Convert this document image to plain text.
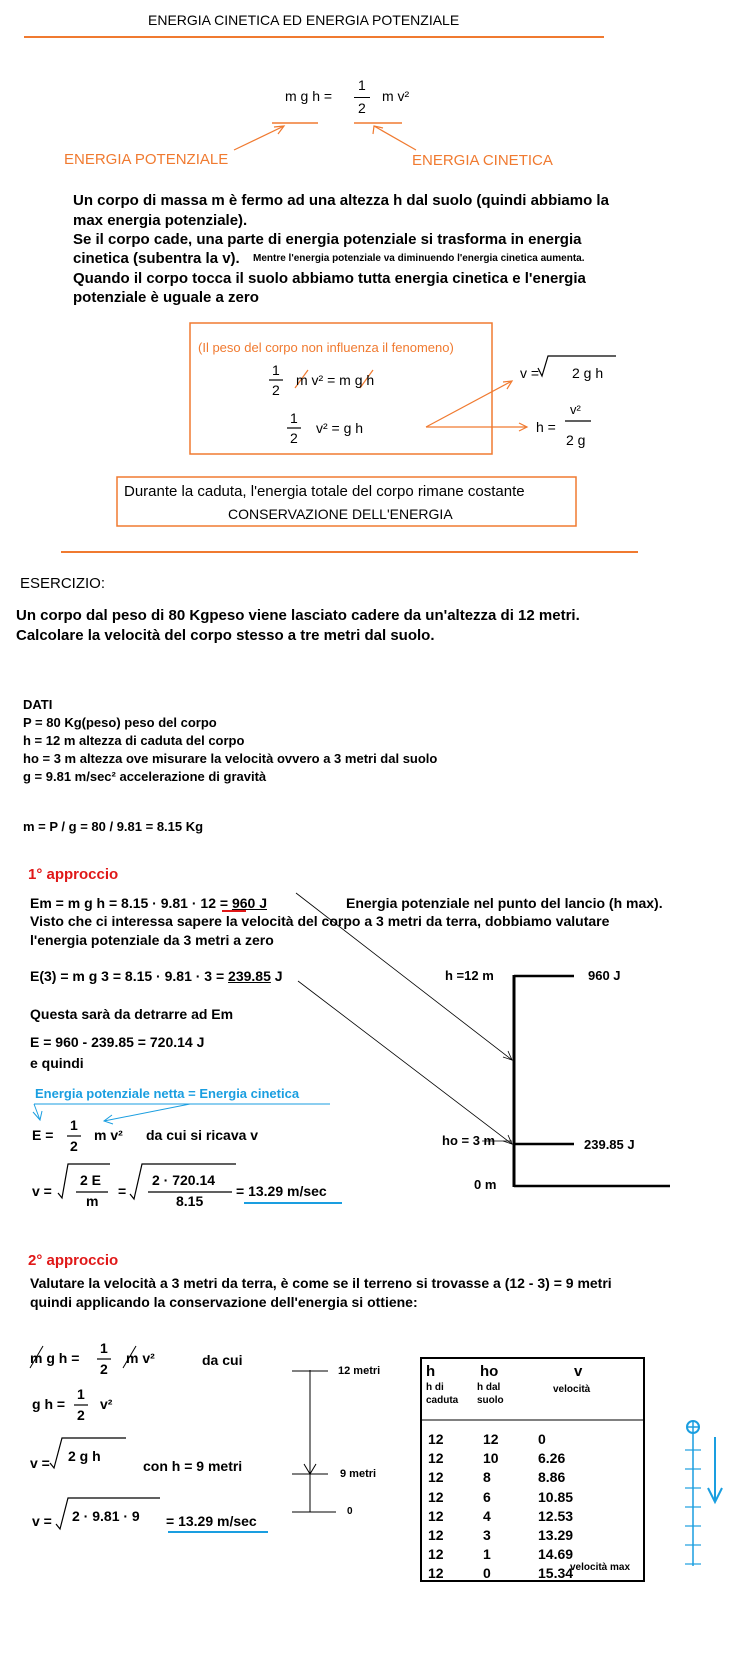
ENERGIA CINETICA ED ENERGIA POTENZIALE
m g h =
1
2
m v²
ENERGIA POTENZIALE	ENERGIA CINETICA
Un corpo di massa m è fermo ad una altezza h dal suolo (quindi abbiamo la
max energia potenziale).
Se il corpo cade, una parte di energia potenziale si trasforma in energia
cinetica (subentra la v). Mentre l'energia potenziale va diminuendo l'energia cinetica aumenta.
Quando il corpo tocca il suolo abbiamo tutta energia cinetica e l'energia
potenziale è uguale a zero
(Il peso del corpo non influenza il fenomeno)
1
2
m v² = m g h
1
2
v² = g h
v = 2 g h
h =
v²
2 g
Durante la caduta, l'energia totale del corpo rimane costante
CONSERVAZIONE DELL'ENERGIA
ESERCIZIO:
Un corpo dal peso di 80 Kgpeso viene lasciato cadere da un'altezza di 12 metri.
Calcolare la velocità del corpo stesso a tre metri dal suolo.
DATI
P = 80 Kg(peso) peso del corpo
h = 12 m altezza di caduta del corpo
ho = 3 m altezza ove misurare la velocità ovvero a 3 metri dal suolo
g = 9.81 m/sec² accelerazione di gravità
m = P / g = 80 / 9.81 = 8.15 Kg
1° approccio
Em = m g h = 8.15 · 9.81 · 12 = 960 J	Energia potenziale nel punto del lancio (h max).
Visto che ci interessa sapere la velocità del corpo a 3 metri da terra, dobbiamo valutare
l'energia potenziale da 3 metri a zero
E(3) = m g 3 = 8.15 · 9.81 · 3 = 239.85 J
Questa sarà da detrarre ad Em
E = 960 - 239.85 = 720.14 J
e quindi
Energia potenziale netta = Energia cinetica
E =
1
2
m v² da cui si ricava v
v =
2 E
m
=
2 · 720.14
8.15
= 13.29 m/sec
h =12 m	960 J
ho = 3 m	239.85 J
0 m
2° approccio
Valutare la velocità a 3 metri da terra, è come se il terreno si trovasse a (12 - 3) = 9 metri
quindi applicando la conservazione dell'energia si ottiene:
m g h =
1
2
m v²	da cui
g h =
1
2
v²
v = 2 g h
con h = 9 metri
v = 2 · 9.81 · 9 = 13.29 m/sec
12 metri
9 metri
0
h
h di
caduta
ho
h dal
suolo
v
velocità
12	12	0
12	10	6.26
12	8	8.86
12	6	10.85
12	4	12.53
12	3	13.29
12	1	14.69
12	0	15.34
velocità max
